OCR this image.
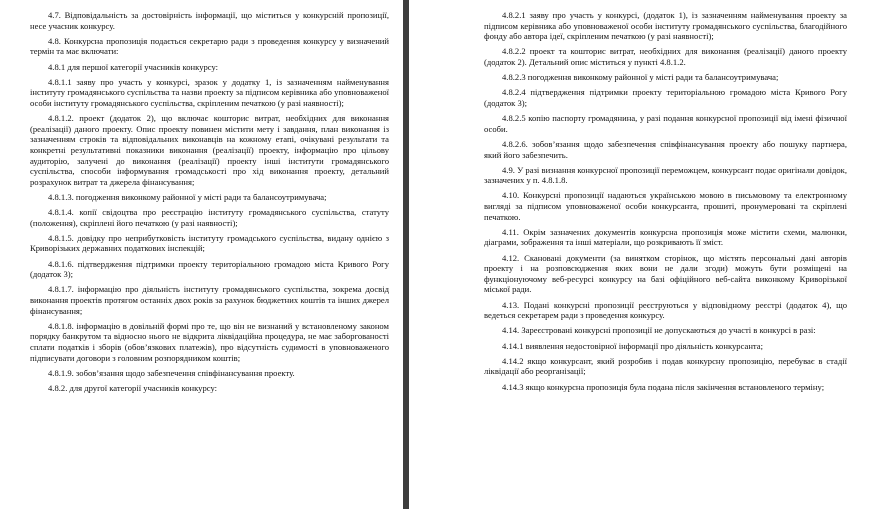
4.7. Відповідальність за достовірність інформації, що міститься у конкурсній пропозиції, несе учасник конкурсу.

4.8. Конкурсна пропозиція подається секретарю ради з проведення конкурсу у визначений термін та має включати:

4.8.1 для першої категорії учасників конкурсу:

4.8.1.1 заяву про участь у конкурсі, зразок у додатку 1, із зазначенням найменування інституту громадянського суспільства та назви проекту за підписом керівника або уповноваженої особи інституту громадянського суспільства, скріпленим печаткою (у разі наявності);

4.8.1.2. проект (додаток 2), що включає кошторис витрат, необхідних для виконання (реалізації) даного проекту. Опис проекту повинен містити мету і завдання, план виконання із зазначенням строків та відповідальних виконавців на кожному етапі, очікувані результати та конкретні результативні показники виконання (реалізації) проекту, інформацію про цільову аудиторію, залучені до виконання (реалізації) проекту інші інститути громадянського суспільства, способи інформування громадськості про хід виконання проекту, детальний розрахунок витрат та джерела фінансування;

4.8.1.3. погодження виконкому районної у місті ради та балансоутримувача;

4.8.1.4. копії свідоцтва про реєстрацію інституту громадянського суспільства, статуту (положення), скріплені його печаткою (у разі наявності);

4.8.1.5. довідку про неприбутковість інституту громадського суспільства, видану однією з Криворізьких державних податкових інспекцій;

4.8.1.6. підтвердження підтримки проекту територіальною громадою міста Кривого Рогу (додаток 3);

4.8.1.7. інформацію про діяльність інституту громадянського суспільства, зокрема досвід виконання проектів протягом останніх двох років за рахунок бюджетних коштів та інших джерел фінансування;

4.8.1.8. інформацію в довільній формі про те, що він не визнаний у встановленому законом порядку банкрутом та відносно нього не відкрита ліквідаційна процедура, не має заборгованості сплати податків і зборів (обов’язкових платежів), про відсутність судимості в уповноваженого підписувати договори з головним розпорядником коштів;

4.8.1.9. зобов’язання щодо забезпечення співфінансування проекту.

4.8.2. для другої категорії учасників конкурсу:

4.8.2.1 заяву про участь у конкурсі, (додаток 1), із зазначенням найменування проекту за підписом керівника або уповноваженої особи інституту громадянського суспільства, благодійного фонду або автора ідеї, скріпленим печаткою (у разі наявності);

4.8.2.2 проект та кошторис витрат, необхідних для виконання (реалізації) даного проекту (додаток 2). Детальний опис міститься у пункті 4.8.1.2.

4.8.2.3 погодження виконкому районної у місті ради та балансоутримувача;

4.8.2.4 підтвердження підтримки проекту територіальною громадою міста Кривого Рогу (додаток 3);

4.8.2.5 копію паспорту громадянина, у разі подання конкурсної пропозиції від імені фізичної особи.

4.8.2.6. зобов’язання щодо забезпечення співфінансування проекту або пошуку партнера, який його забезпечить.

4.9. У разі визнання конкурсної пропозиції переможцем, конкурсант подає оригінали довідок, зазначених у п. 4.8.1.8.

4.10. Конкурсні пропозиції надаються українською мовою в письмовому та електронному вигляді за підписом уповноваженої особи конкурсанта, прошиті, пронумерованi та скріплені печаткою.

4.11. Окрім зазначених документів конкурсна пропозиція може містити схеми, малюнки, діаграми, зображення та інші матеріали, що розкривають її зміст.

4.12. Скановані документи (за винятком сторінок, що містять персональні дані авторів проекту і на розповсюдження яких вони не дали згоди) можуть бути розміщені на функціонуючому веб-ресурсі конкурсу на базі офіційного веб-сайта виконкому Криворізької міської ради.

4.13. Подані конкурсні пропозиції реєструються у відповідному реєстрі (додаток 4), що ведеться секретарем ради з проведення конкурсу.

4.14. Зареєстровані конкурсні пропозиції не допускаються до участі в конкурсі в разі:

4.14.1 виявлення недостовірної інформації про діяльність конкурсанта;

4.14.2 якщо конкурсант, який розробив і подав конкурсну пропозицію, перебуває в стадії ліквідації або реорганізації;

4.14.3 якщо конкурсна пропозиція була подана після закінчення встановленого терміну;
